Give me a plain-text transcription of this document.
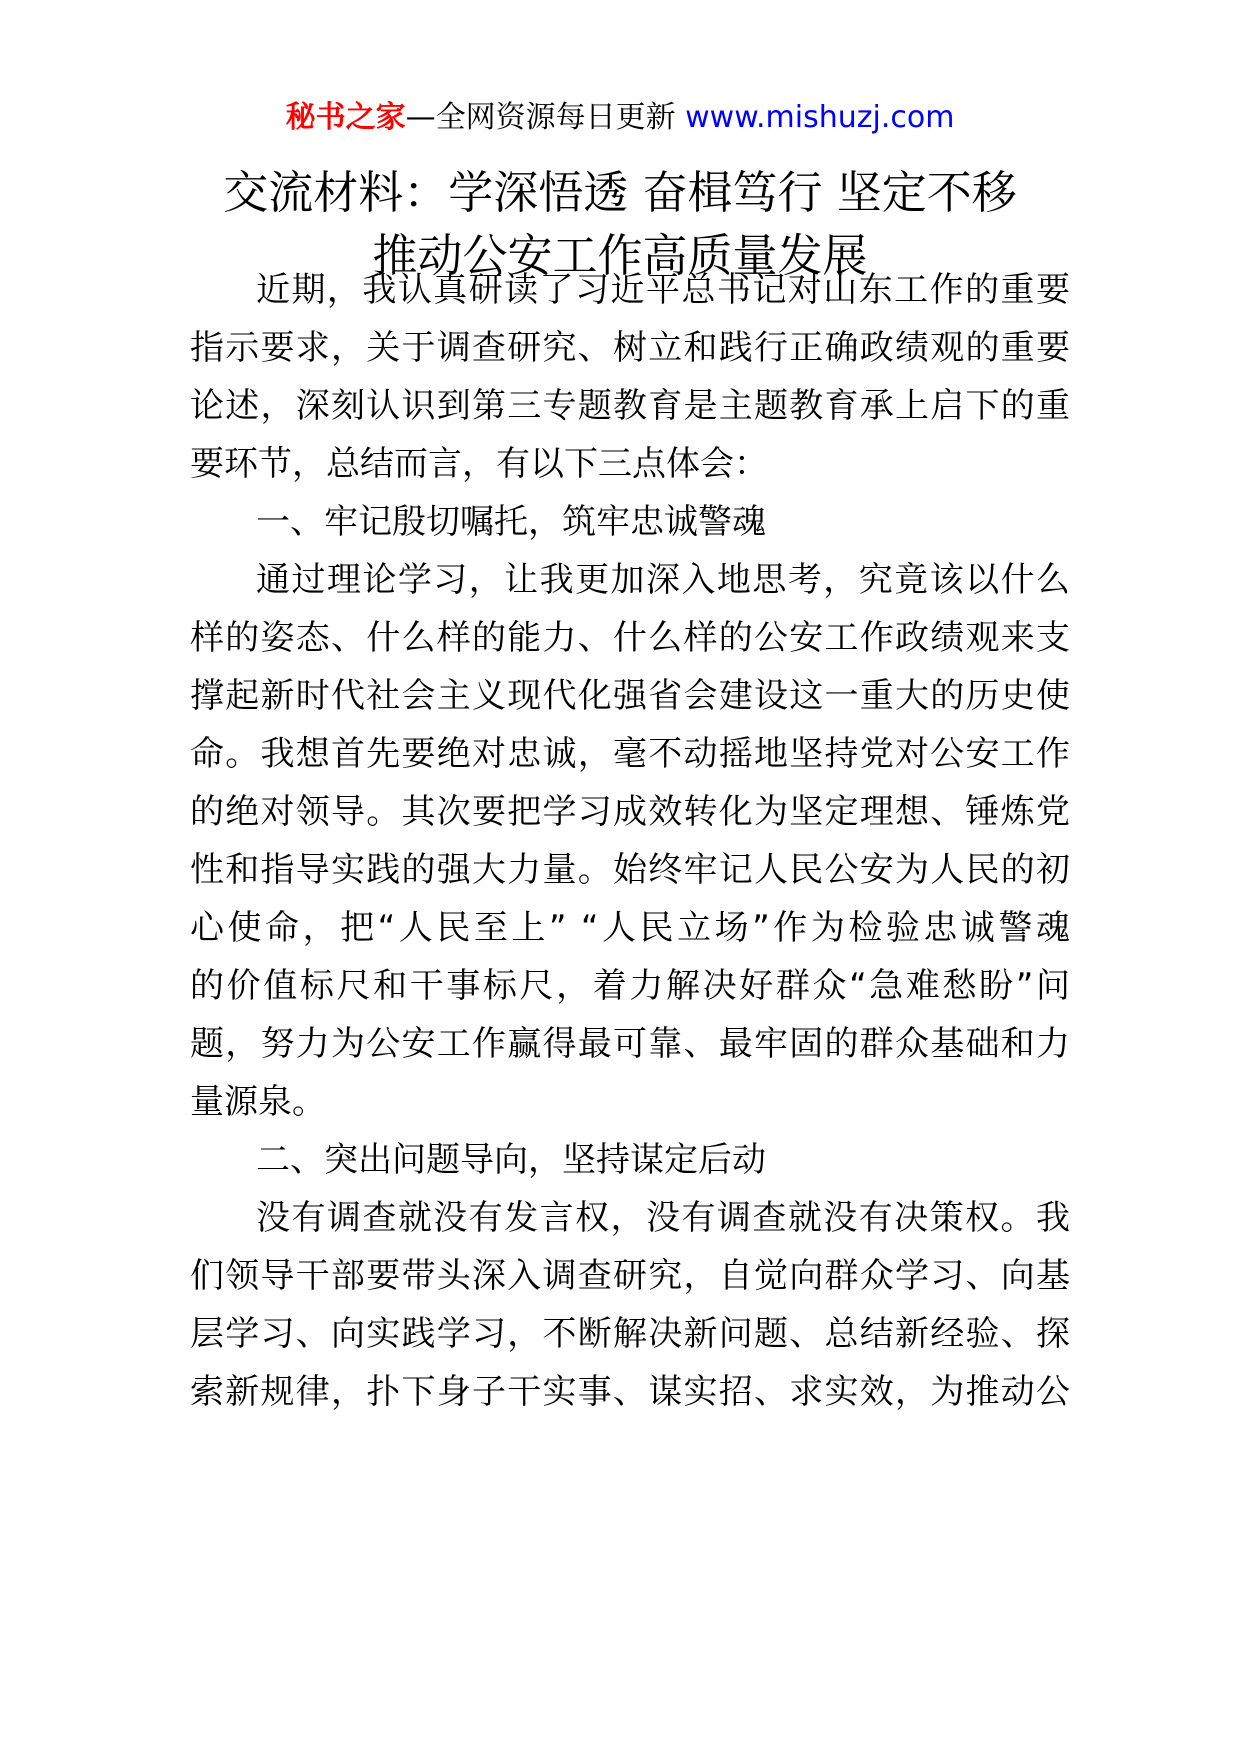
秘书之家—全网资源每日更新 www.mishuzj.com
交流材料：学深悟透 奋楫笃行 坚定不移
推动公安工作高质量发展
近期，我认真研读了习近平总书记对山东工作的重要
指示要求，关于调查研究、树立和践行正确政绩观的重要
论述，深刻认识到第三专题教育是主题教育承上启下的重
要环节，总结而言，有以下三点体会：
一、牢记殷切嘱托，筑牢忠诚警魂
通过理论学习，让我更加深入地思考，究竟该以什么
样的姿态、什么样的能力、什么样的公安工作政绩观来支
撑起新时代社会主义现代化强省会建设这一重大的历史使
命。我想首先要绝对忠诚，毫不动摇地坚持党对公安工作
的绝对领导。其次要把学习成效转化为坚定理想、锤炼党
性和指导实践的强大力量。始终牢记人民公安为人民的初
心使命，把“人民至上” “人民立场”作为检验忠诚警魂
的价值标尺和干事标尺，着力解决好群众“急难愁盼”问
题，努力为公安工作赢得最可靠、最牢固的群众基础和力
量源泉。
二、突出问题导向，坚持谋定后动
没有调查就没有发言权，没有调查就没有决策权。我
们领导干部要带头深入调查研究，自觉向群众学习、向基
层学习、向实践学习，不断解决新问题、总结新经验、探
索新规律，扑下身子干实事、谋实招、求实效，为推动公
